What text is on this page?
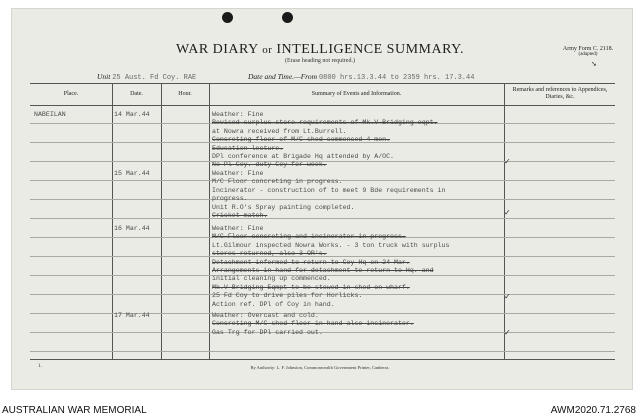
WAR DIARY or INTELLIGENCE SUMMARY.
(Erase heading not required.)
Army Form C. 2118.
(adapted)
➘
Unit 25 Aust. Fd Coy. RAE	Date and Time.—From 0800 hrs.13.3.44 to 2359 hrs. 17.3.44
Place.	Date.	Hour.	Summary of Events and Information.
Remarks and references to Appendices, Diaries, &c.
NABEILAN	14 Mar.44	Weather: Fine
Revised surplus store requirements of Mk.V Bridging eqpt.
at Nowra received from Lt.Burrell.
Concreting floor of M/C shed commenced 4 men.
Education lecture.
DPl conference at Brigade Hq attended by A/OC.
No Pl Coy. duty Coy for week.	✓
15 Mar.44	Weather: Fine
M/C Floor concreting in progress.
Incinerator - construction of to meet 9 Bde requirements in
progress.
Unit R.O's Spray painting completed.
Cricket match.	✓
16 Mar.44	Weather: Fine
M/C Floor concreting and incinerator in progress.
Lt.Gilmour inspected Nowra Works. - 3 ton truck with surplus
stores returned, also 3 OR's.
Detachment informed to return to Coy Hq on 24 Mar.
Arrangements in hand for detachment to return to Hq. and
initial cleaning up commenced.
Mk.V Bridging Eqmpt to be stowed in shed on wharf.
25 Fd Coy to drive piles for Horlicks.
Action ref. DPl of Coy in hand.
✓
17 Mar.44	Weather: Overcast and cold.
Concreting M/C shed floor in hand also incinerator.
Gas Trg for DPl carried out.	✓
1.	By Authority: L. F. Johnston, Commonwealth Government Printer, Canberra.
AUSTRALIAN WAR MEMORIAL	AWM2020.71.2768
